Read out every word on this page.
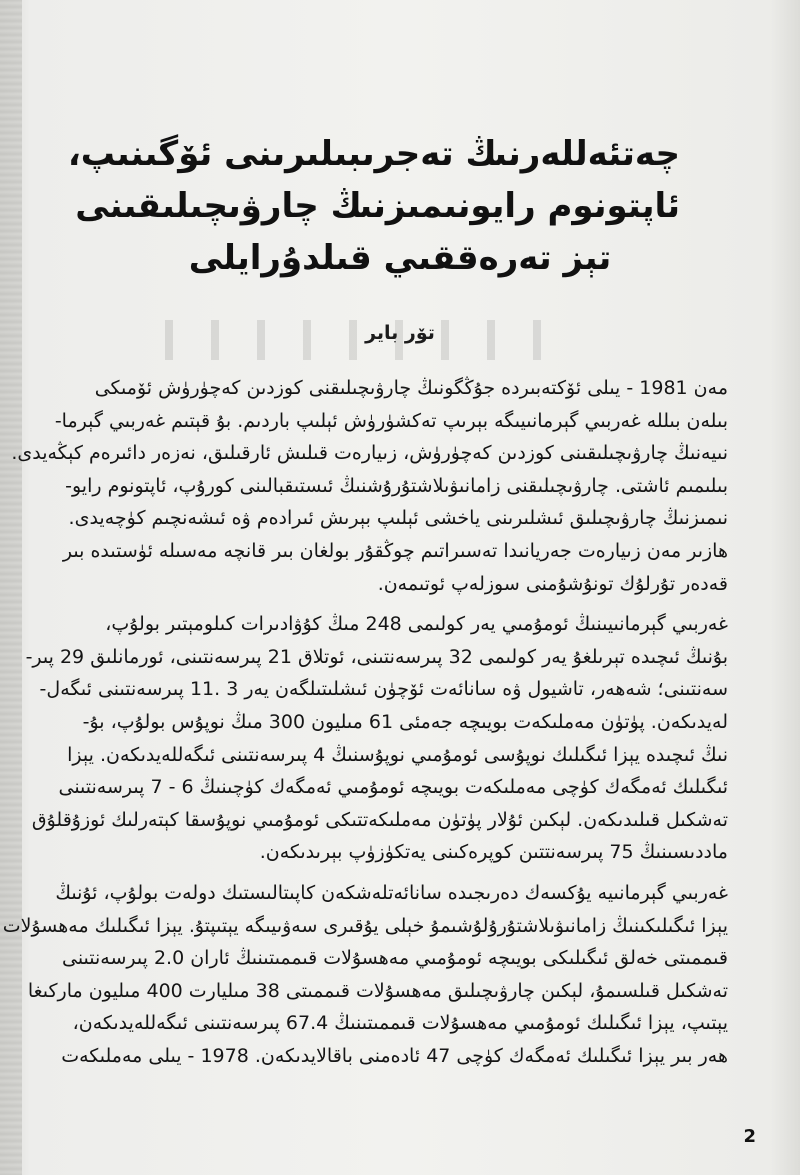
چەتئەللەرنىڭ تەجرىبىلىرىنى ئۆگىنىپ،
ئاپتونوم رايونىمىزنىڭ چارۋىچىلىقىنى
تېز تەرەققىي قىلدۇرايلى
تۆر باير
مەن 1981 - يىلى ئۆكتەبىردە جۇڭگونىڭ چارۋىچىلىقنى كوزدىن كەچۈرۈش ئۆمىكى
بىلەن بىللە غەربىي گېرمانىيىگە بېرىپ تەكشۈرۈش ئېلىپ باردىم. بۇ قېتىم غەربىي گېرما-
نىيەنىڭ چارۋىچىلىقىنى كوزدىن كەچۈرۈش، زىيارەت قىلىش ئارقىلىق، نەزەر دائىرەم كېڭەيدى.
بىلىمىم ئاشتى. چارۋىچىلىقنى زامانىۋىلاشتۇرۇشنىڭ ئىستىقبالىنى كورۇپ، ئاپتونوم رايو-
نىمىزنىڭ چارۋىچىلىق ئىشلىرىنى ياخشى ئېلىپ بېرىش ئىرادەم ۋە ئىشەنچىم كۈچەيدى.
ھازىر مەن زىيارەت جەريانىدا تەسىراتىم چوڭقۇر بولغان بىر قانچە مەسىلە ئۈستىدە بىر
قەدەر تۇرلۇك تونۇشۇمنى سوزلەپ ئوتىمەن.
غەربىي گېرمانىيىنىڭ ئومۇمىي يەر كولىمى 248 مىڭ كۇۋادىرات كىلومېتىر بولۇپ،
بۇنىڭ ئىچىدە تېرىلغۇ يەر كولىمى 32 پىرسەنتىنى، ئوتلاق 21 پىرسەنتىنى، ئورمانلىق 29 پىر-
سەنتىنى؛ شەھەر، تاشيول ۋە سانائەت ئۆچۈن ئىشلىتىلگەن يەر 3 .11 پىرسەنتىنى ئىگەل-
لەيدىكەن. پۈتۈن مەملىكەت بويىچە جەمئى 61 مىليون 300 مىڭ نوپۇس بولۇپ، بۇ-
نىڭ ئىچىدە يېزا ئىگىلىك نوپۇسى ئومۇمىي نوپۇسنىڭ 4 پىرسەنتىنى ئىگەللەيدىكەن. يېزا
ئىگىلىك ئەمگەك كۈچى مەملىكەت بويىچە ئومۇمىي ئەمگەك كۈچىنىڭ 6 - 7 پىرسەنتىنى
تەشكىل قىلىدىكەن. لېكىن ئۇلار پۈتۈن مەملىكەتتىكى ئومۇمىي نوپۇسقا كېتەرلىك ئوزۇقلۇق
ماددىسىنىڭ 75 پىرسەنتتىن كوپرەكىنى يەتكۈزۈپ بېرىدىكەن.
غەربىي گېرمانىيە يۇكسەك دەرىجىدە سانائەتلەشكەن كاپىتالىستىك دولەت بولۇپ، ئۇنىڭ
يېزا ئىگىلىكىنىڭ زامانىۋىلاشتۇرۇلۇشىمۇ خېلى يۇقىرى سەۋىيىگە يېتىپتۇ. يېزا ئىگىلىك مەھسۇلات
قىممىتى خەلق ئىگىلىكى بويىچە ئومۇمىي مەھسۇلات قىممىتىنىڭ ئاران 2.0 پىرسەنتىنى
تەشكىل قىلسىمۇ، لېكىن چارۋىچىلىق مەھسۇلات قىممىتى 38 مىليارت 400 مىليون ماركىغا
يېتىپ، يېزا ئىگىلىك ئومۇمىي مەھسۇلات قىممىتىنىڭ 67.4 پىرسەنتىنى ئىگەللەيدىكەن،
ھەر بىر يېزا ئىگىلىك ئەمگەك كۈچى 47 ئادەمنى باقالايدىكەن. 1978 - يىلى مەملىكەت
2
